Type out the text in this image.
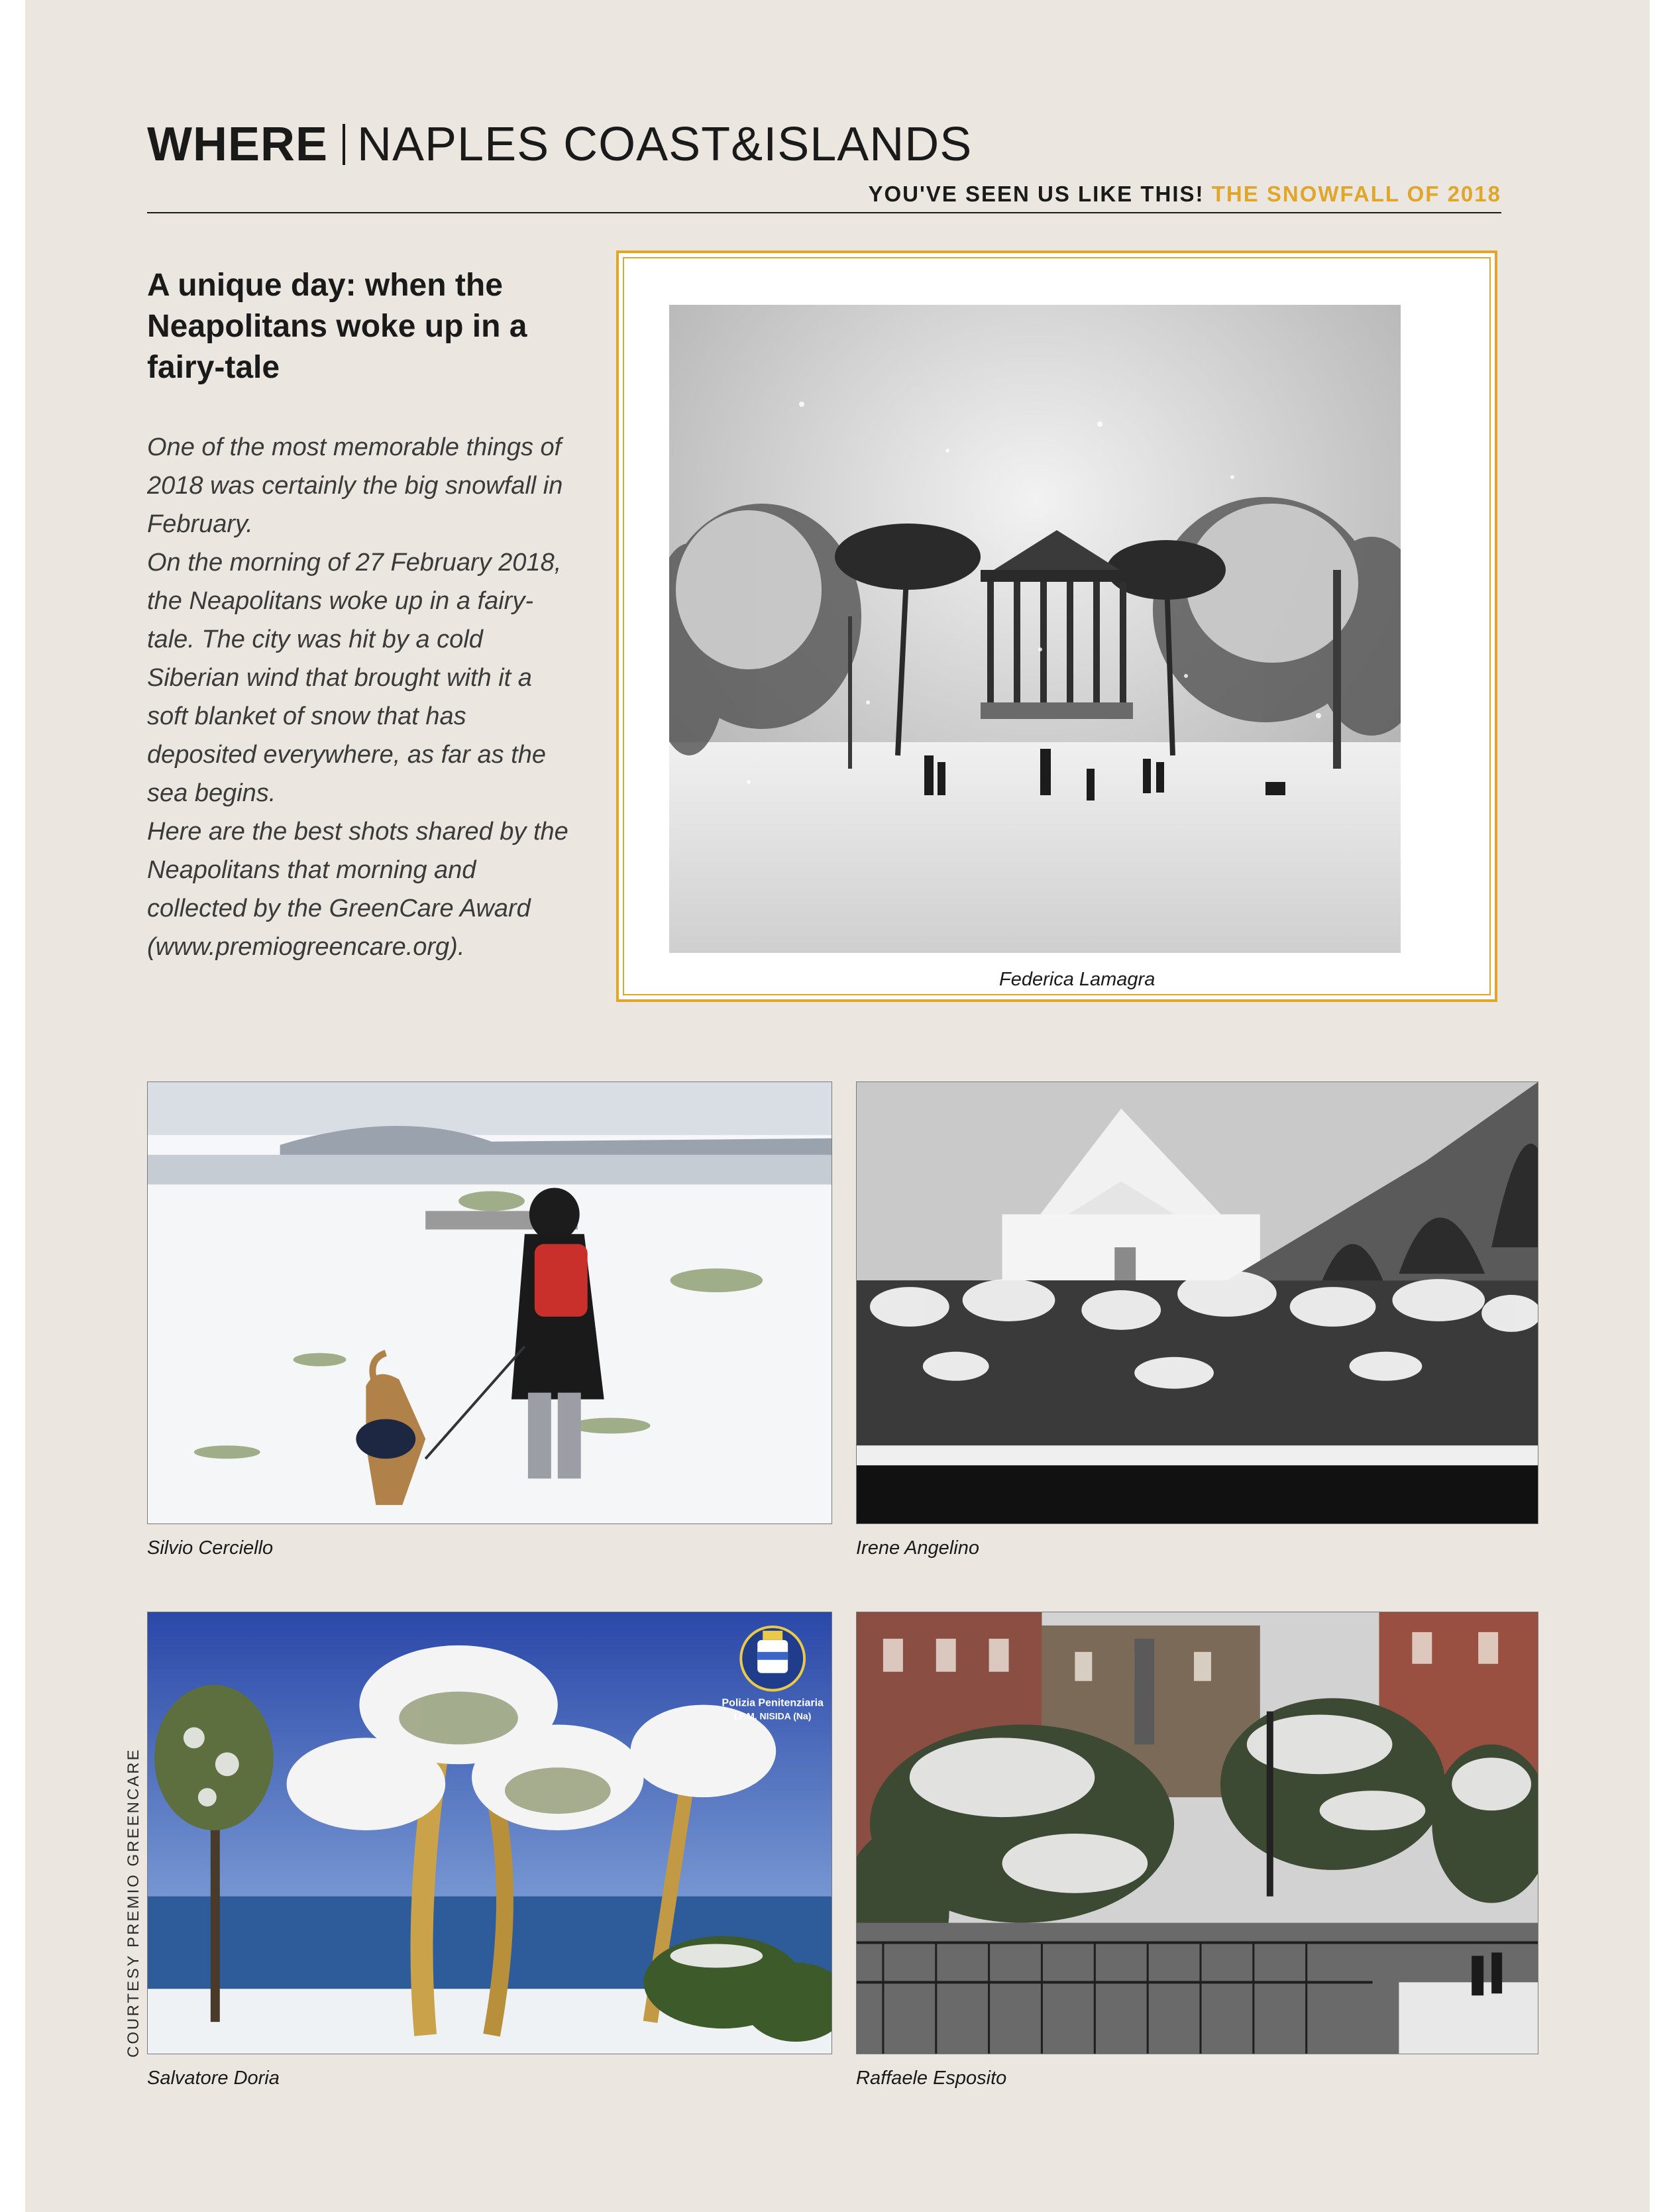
WHERE NAPLES COAST&ISLANDS
YOU'VE SEEN US LIKE THIS! THE SNOWFALL OF 2018
A unique day: when the Neapolitans woke up in a fairy-tale

One of the most memorable things of 2018 was certainly the big snowfall in February.

On the morning of 27 February 2018, the Neapolitans woke up in a fairy-tale. The city was hit by a cold Siberian wind that brought with it a soft blanket of snow that has deposited everywhere, as far as the sea begins.

Here are the best shots shared by the Neapolitans that morning and collected by the GreenCare Award (www.premiogreencare.org).

Federica Lamagra
Silvio Cerciello	Irene Angelino
Salvatore Doria	Raffaele Esposito
COURTESY PREMIO GREENCARE
Polizia Penitenziaria
I.P.M. NISIDA (Na)
